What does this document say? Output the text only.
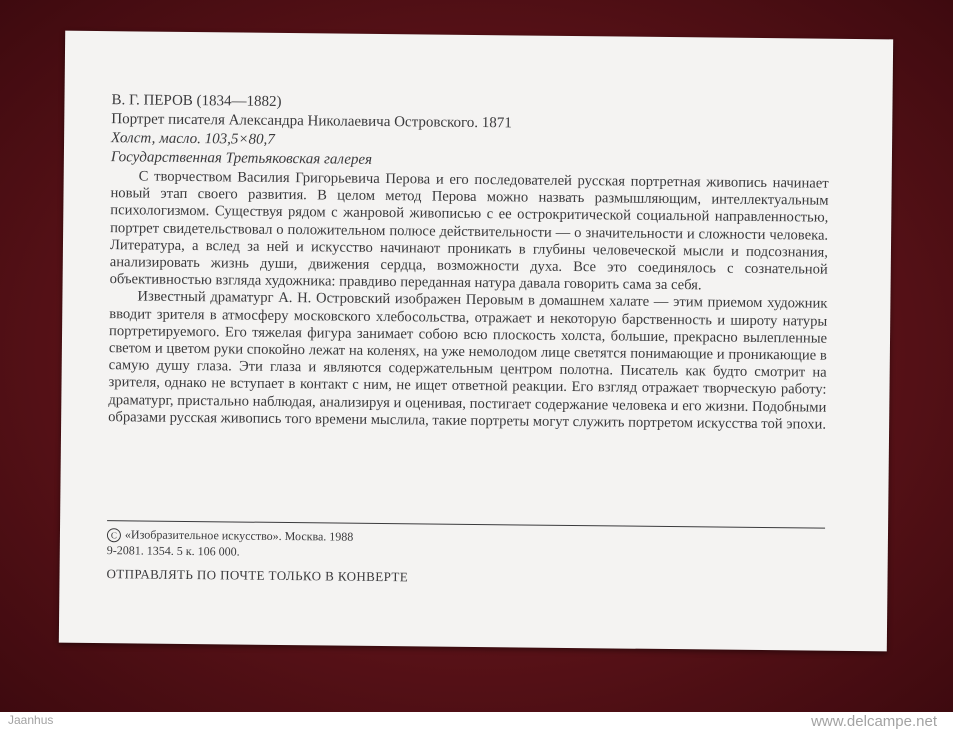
В. Г. ПЕРОВ (1834—1882)
Портрет писателя Александра Николаевича Островского. 1871
Холст, масло. 103,5×80,7
Государственная Третьяковская галерея

С творчеством Василия Григорьевича Перова и его последователей русская портретная живопись начинает новый этап своего развития. В целом метод Перова можно назвать размышляющим, интеллектуальным психологизмом. Существуя рядом с жанровой живописью с ее острокритической социальной направленностью, портрет свидетельствовал о положительном полюсе действительности — о значительности и сложности человека. Литература, а вслед за ней и искусство начинают проникать в глубины человеческой мысли и подсознания, анализировать жизнь души, движения сердца, возможности духа. Все это соединялось с сознательной объективностью взгляда художника: правдиво переданная натура давала говорить сама за себя.

Известный драматург А. Н. Островский изображен Перовым в домашнем халате — этим приемом художник вводит зрителя в атмосферу московского хлебосольства, отражает и некоторую барственность и широту натуры портретируемого. Его тяжелая фигура занимает собою всю плоскость холста, большие, прекрасно вылепленные светом и цветом руки спокойно лежат на коленях, на уже немолодом лице светятся понимающие и проникающие в самую душу глаза. Эти глаза и являются содержательным центром полотна. Писатель как будто смотрит на зрителя, однако не вступает в контакт с ним, не ищет ответной реакции. Его взгляд отражает творческую работу: драматург, пристально наблюдая, анализируя и оценивая, постигает содержание человека и его жизни. Подобными образами русская живопись того времени мыслила, такие портреты могут служить портретом искусства той эпохи.

C «Изобразительное искусство». Москва. 1988
9-2081. 1354. 5 к. 106 000.
ОТПРАВЛЯТЬ ПО ПОЧТЕ ТОЛЬКО В КОНВЕРТЕ
Jaanhus	www.delcampe.net
